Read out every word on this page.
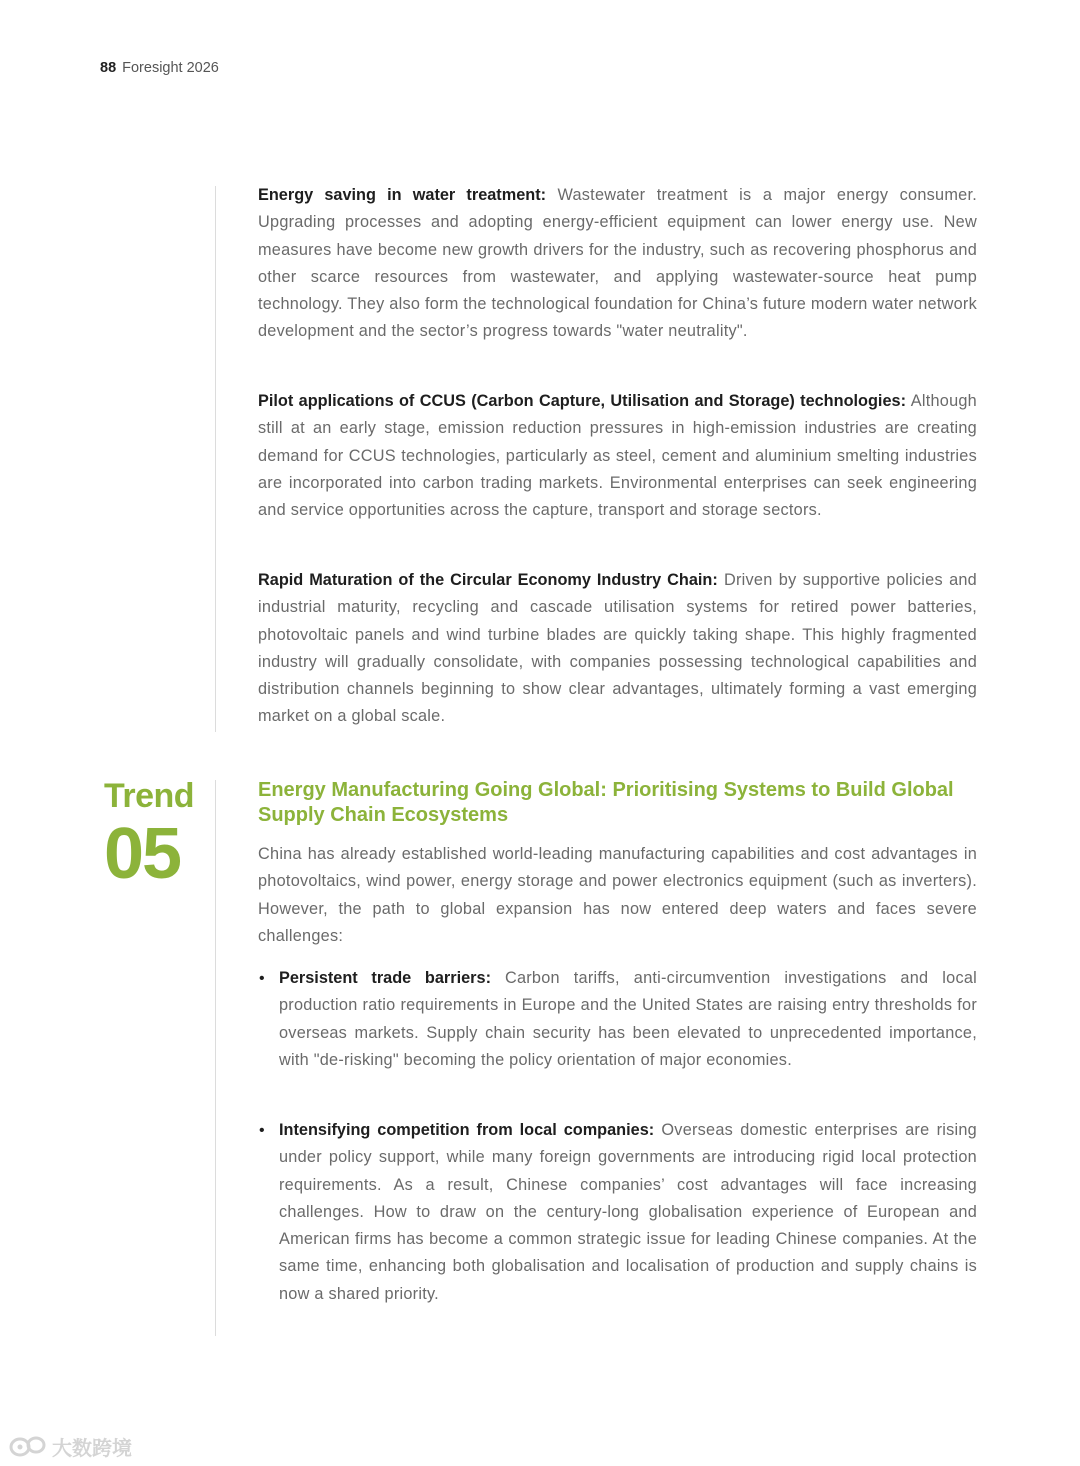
88 Foresight 2026

Energy saving in water treatment: Wastewater treatment is a major energy consumer. Upgrading processes and adopting energy-efficient equipment can lower energy use. New measures have become new growth drivers for the industry, such as recovering phosphorus and other scarce resources from wastewater, and applying wastewater-source heat pump technology. They also form the technological foundation for China’s future modern water network development and the sector’s progress towards "water neutrality".

Pilot applications of CCUS (Carbon Capture, Utilisation and Storage) technologies: Although still at an early stage, emission reduction pressures in high-emission industries are creating demand for CCUS technologies, particularly as steel, cement and aluminium smelting industries are incorporated into carbon trading markets. Environmental enterprises can seek engineering and service opportunities across the capture, transport and storage sectors.

Rapid Maturation of the Circular Economy Industry Chain: Driven by supportive policies and industrial maturity, recycling and cascade utilisation systems for retired power batteries, photovoltaic panels and wind turbine blades are quickly taking shape. This highly fragmented industry will gradually consolidate, with companies possessing technological capabilities and distribution channels beginning to show clear advantages, ultimately forming a vast emerging market on a global scale.

Trend
05
Energy Manufacturing Going Global: Prioritising Systems to Build Global Supply Chain Ecosystems

China has already established world-leading manufacturing capabilities and cost advantages in photovoltaics, wind power, energy storage and power electronics equipment (such as inverters). However, the path to global expansion has now entered deep waters and faces severe challenges:

• Persistent trade barriers: Carbon tariffs, anti-circumvention investigations and local production ratio requirements in Europe and the United States are raising entry thresholds for overseas markets. Supply chain security has been elevated to unprecedented importance, with "de-risking" becoming the policy orientation of major economies.

• Intensifying competition from local companies: Overseas domestic enterprises are rising under policy support, while many foreign governments are introducing rigid local protection requirements. As a result, Chinese companies’ cost advantages will face increasing challenges. How to draw on the century-long globalisation experience of European and American firms has become a common strategic issue for leading Chinese companies. At the same time, enhancing both globalisation and localisation of production and supply chains is now a shared priority.

大数跨境
